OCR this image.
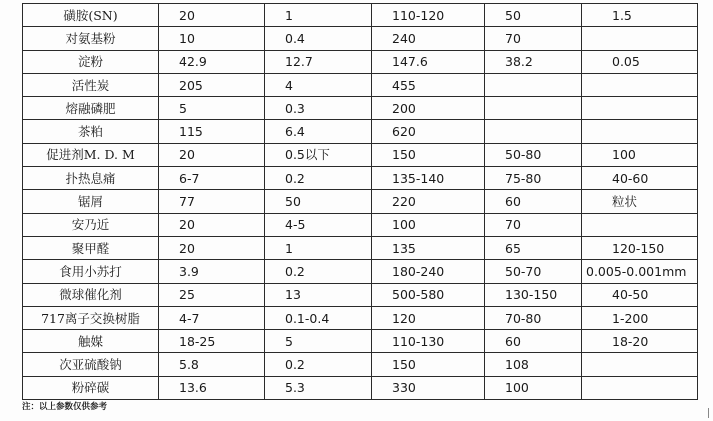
磺胺(SN)	20	1	110-120	50	1.5
对氨基粉	10	0.4	240	70	
淀粉	42.9	12.7	147.6	38.2	0.05
活性炭	205	4	455		
熔融磷肥	5	0.3	200		
茶粕	115	6.4	620		
促进剂M. D. M	20	0.5以下	150	50-80	100
扑热息痛	6-7	0.2	135-140	75-80	40-60
锯屑	77	50	220	60	粒状
安乃近	20	4-5	100	70	
聚甲醛	20	1	135	65	120-150
食用小苏打	3.9	0.2	180-240	50-70	0.005-0.001mm
微球催化剂	25	13	500-580	130-150	40-50
717离子交换树脂	4-7	0.1-0.4	120	70-80	1-200
触媒	18-25	5	110-130	60	18-20
次亚硫酸钠	5.8	0.2	150	108	
粉碎碳	13.6	5.3	330	100	
注：以上参数仅供参考
